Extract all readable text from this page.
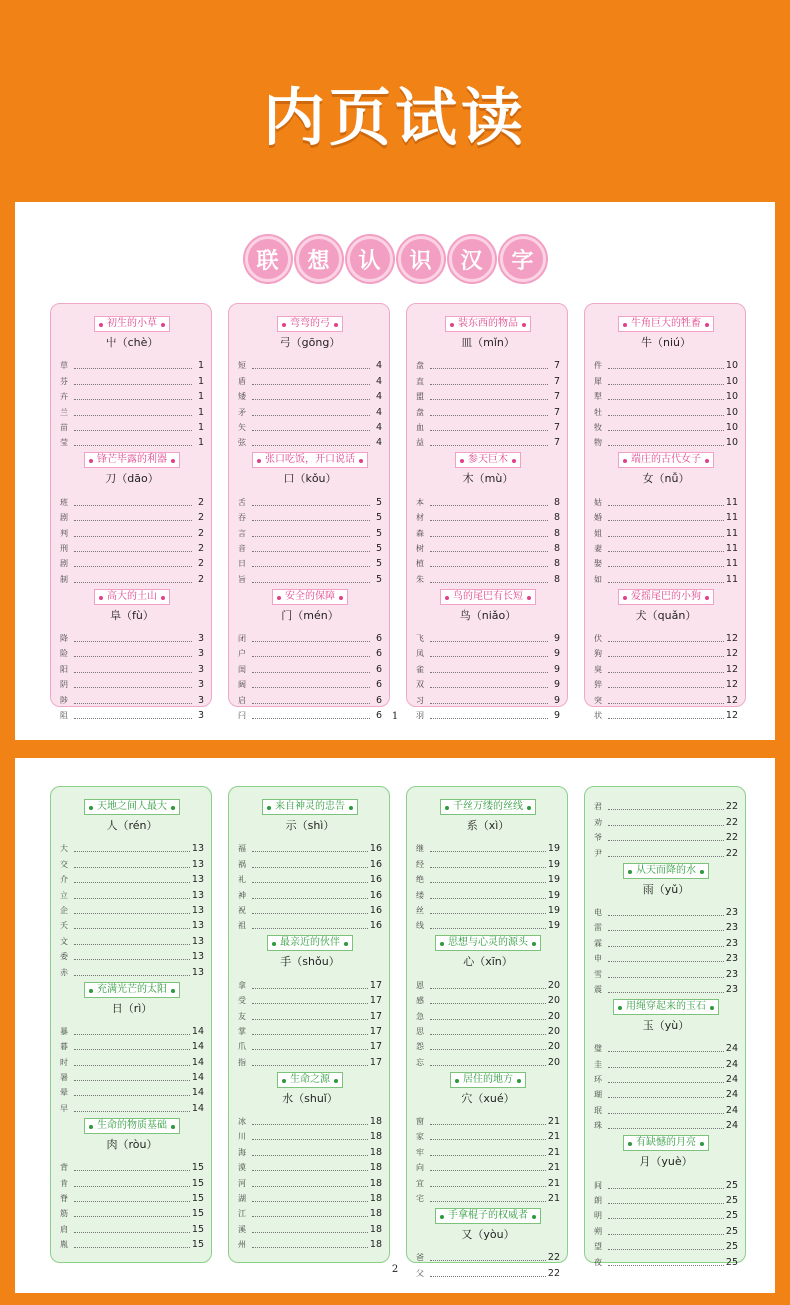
内页试读
联	想	认	识	汉	字
1
初生的小草
屮（chè）
草	1
芬	1
卉	1
兰	1
苗	1
莹	1
锋芒毕露的利器
刀（dāo）
班	2
剧	2
判	2
刑	2
剧	2
制	2
高大的土山
阜（fù）
降	3
险	3
阳	3
阴	3
陟	3
阻	3
弯弯的弓
弓（gōng）
短	4
盾	4
矮	4
矛	4
矢	4
弦	4
张口吃饭，开口说话
口（kǒu）
舌	5
吞	5
言	5
音	5
日	5
旨	5
安全的保障
门（mén）
闭	6
户	6
闺	6
阔	6
启	6
闩	6
装东西的物品
皿（mǐn）
盘	7
直	7
盟	7
盘	7
血	7
益	7
参天巨木
木（mù）
本	8
材	8
森	8
树	8
植	8
朱	8
鸟的尾巴有长短
鸟（niǎo）
飞	9
凤	9
雀	9
双	9
习	9
羽	9
牛角巨大的牲畜
牛（niú）
件	10
犀	10
犁	10
牡	10
牧	10
物	10
端庄的古代女子
女（nǚ）
姑	11
婚	11
姐	11
妻	11
娶	11
如	11
爱摇尾巴的小狗
犬（quǎn）
伏	12
狗	12
臭	12
猝	12
突	12
状	12
2
天地之间人最大
人（rén）
大	13
交	13
介	13
立	13
企	13
夭	13
文	13
委	13
赤	13
充满光芒的太阳
日（rì）
暴	14
暮	14
时	14
暑	14
晕	14
早	14
生命的物质基础
肉（ròu）
背	15
肯	15
脊	15
筋	15
肩	15
胤	15
来自神灵的忠告
示（shì）
福	16
祸	16
礼	16
神	16
祝	16
祖	16
最亲近的伙伴
手（shǒu）
拿	17
受	17
友	17
掌	17
爪	17
指	17
生命之源
水（shuǐ）
冰	18
川	18
海	18
漠	18
河	18
湖	18
江	18
溪	18
州	18
千丝万缕的丝线
系（xì）
继	19
经	19
绝	19
缕	19
丝	19
线	19
思想与心灵的源头
心（xīn）
恩	20
感	20
急	20
思	20
怨	20
忘	20
居住的地方
穴（xué）
窗	21
家	21
牢	21
向	21
宜	21
宅	21
手拿棍子的权威者
又（yòu）
爸	22
父	22
君	22
劝	22
爷	22
尹	22
从天而降的水
雨（yǔ）
电	23
雷	23
霖	23
申	23
雪	23
震	23
用绳穿起来的玉石
玉（yù）
璧	24
圭	24
环	24
瑚	24
珉	24
珠	24
有缺憾的月亮
月（yuè）
间	25
朗	25
明	25
朔	25
望	25
夜	25
